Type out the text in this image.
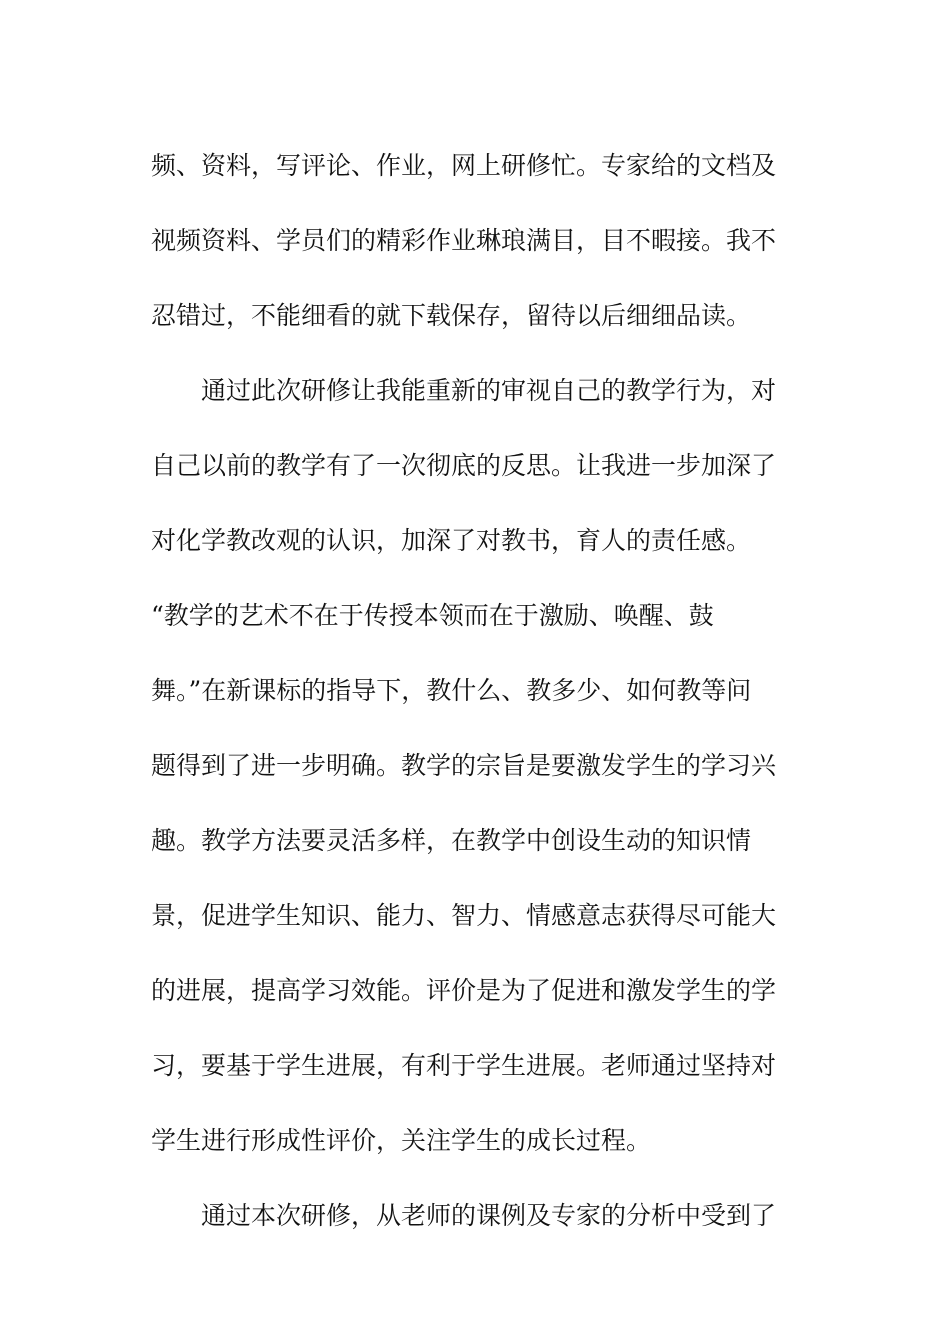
频、资料，写评论、作业，网上研修忙。专家给的文档及
视频资料、学员们的精彩作业琳琅满目，目不暇接。我不
忍错过，不能细看的就下载保存，留待以后细细品读。
通过此次研修让我能重新的审视自己的教学行为，对
自己以前的教学有了一次彻底的反思。让我进一步加深了
对化学教改观的认识，加深了对教书，育人的责任感。
“教学的艺术不在于传授本领而在于激励、唤醒、鼓
舞。”在新课标的指导下，教什么、教多少、如何教等问
题得到了进一步明确。教学的宗旨是要激发学生的学习兴
趣。教学方法要灵活多样，在教学中创设生动的知识情
景，促进学生知识、能力、智力、情感意志获得尽可能大
的进展，提高学习效能。评价是为了促进和激发学生的学
习，要基于学生进展，有利于学生进展。老师通过坚持对
学生进行形成性评价，关注学生的成长过程。
通过本次研修，从老师的课例及专家的分析中受到了
